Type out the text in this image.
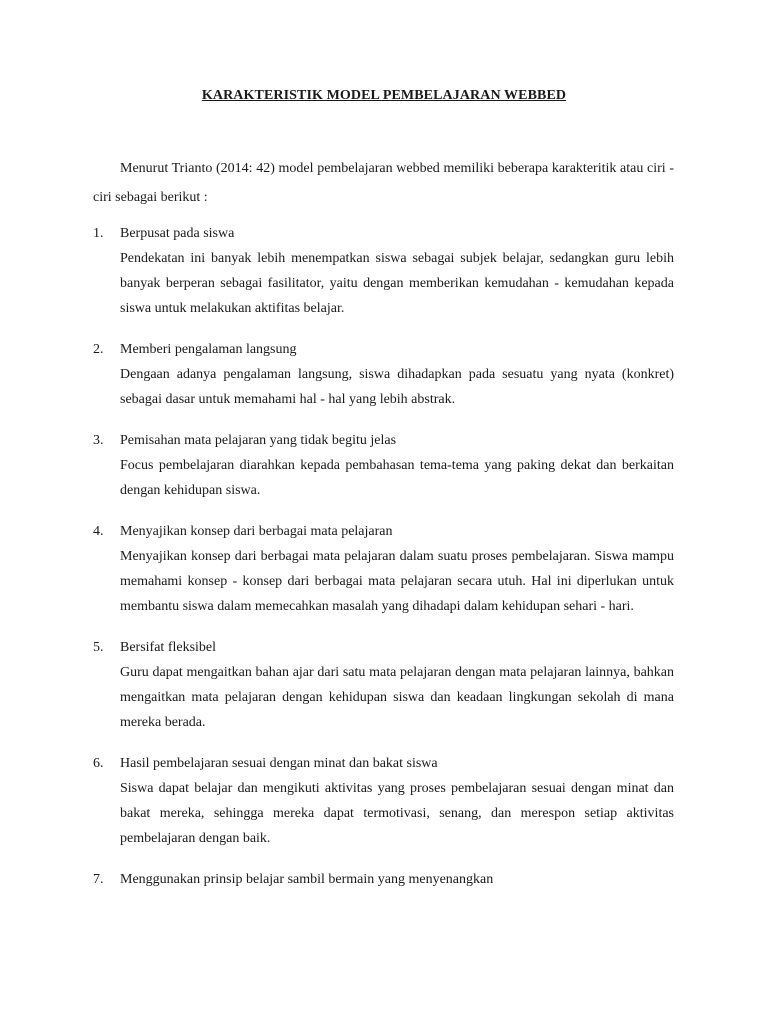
KARAKTERISTIK MODEL PEMBELAJARAN WEBBED

Menurut Trianto (2014: 42) model pembelajaran webbed memiliki beberapa karakteritik atau ciri - ciri sebagai berikut :

1. Berpusat pada siswa

Pendekatan ini banyak lebih menempatkan siswa sebagai subjek belajar, sedangkan guru lebih banyak berperan sebagai fasilitator, yaitu dengan memberikan kemudahan - kemudahan kepada siswa untuk melakukan aktifitas belajar.

2. Memberi pengalaman langsung

Dengaan adanya pengalaman langsung, siswa dihadapkan pada sesuatu yang nyata (konkret) sebagai dasar untuk memahami hal - hal yang lebih abstrak.

3. Pemisahan mata pelajaran yang tidak begitu jelas

Focus pembelajaran diarahkan kepada pembahasan tema-tema yang paking dekat dan berkaitan dengan kehidupan siswa.

4. Menyajikan konsep dari berbagai mata pelajaran

Menyajikan konsep dari berbagai mata pelajaran dalam suatu proses pembelajaran. Siswa mampu memahami konsep - konsep dari berbagai mata pelajaran secara utuh. Hal ini diperlukan untuk membantu siswa dalam memecahkan masalah yang dihadapi dalam kehidupan sehari - hari.

5. Bersifat fleksibel

Guru dapat mengaitkan bahan ajar dari satu mata pelajaran dengan mata pelajaran lainnya, bahkan mengaitkan mata pelajaran dengan kehidupan siswa dan keadaan lingkungan sekolah di mana mereka berada.

6. Hasil pembelajaran sesuai dengan minat dan bakat siswa

Siswa dapat belajar dan mengikuti aktivitas yang proses pembelajaran sesuai dengan minat dan bakat mereka, sehingga mereka dapat termotivasi, senang, dan merespon setiap aktivitas pembelajaran dengan baik.

7. Menggunakan prinsip belajar sambil bermain yang menyenangkan
